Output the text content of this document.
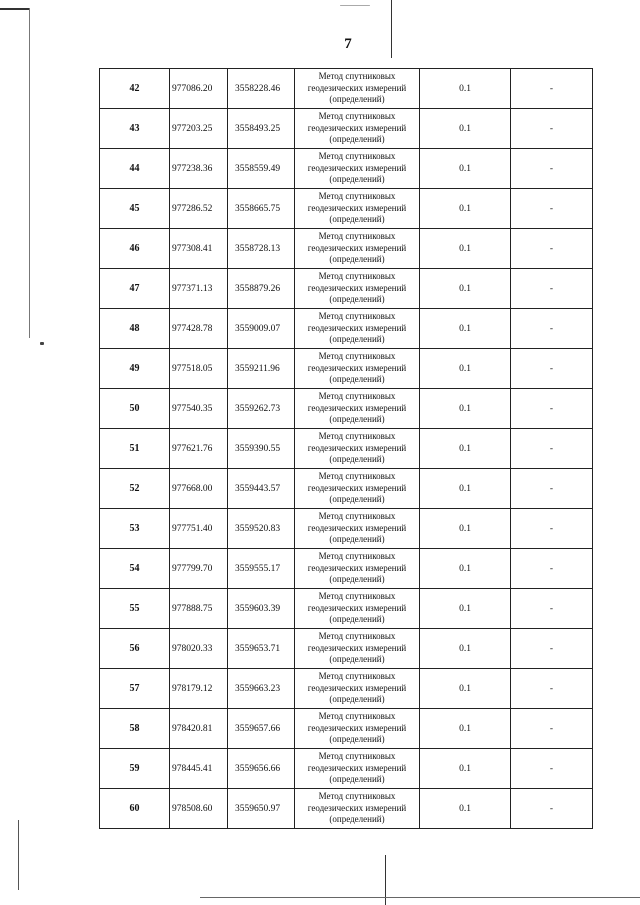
7
42	977086.20	3558228.46	Метод спутниковых
геодезических измерений
(определений)	0.1	-
43	977203.25	3558493.25	Метод спутниковых
геодезических измерений
(определений)	0.1	-
44	977238.36	3558559.49	Метод спутниковых
геодезических измерений
(определений)	0.1	-
45	977286.52	3558665.75	Метод спутниковых
геодезических измерений
(определений)	0.1	-
46	977308.41	3558728.13	Метод спутниковых
геодезических измерений
(определений)	0.1	-
47	977371.13	3558879.26	Метод спутниковых
геодезических измерений
(определений)	0.1	-
48	977428.78	3559009.07	Метод спутниковых
геодезических измерений
(определений)	0.1	-
49	977518.05	3559211.96	Метод спутниковых
геодезических измерений
(определений)	0.1	-
50	977540.35	3559262.73	Метод спутниковых
геодезических измерений
(определений)	0.1	-
51	977621.76	3559390.55	Метод спутниковых
геодезических измерений
(определений)	0.1	-
52	977668.00	3559443.57	Метод спутниковых
геодезических измерений
(определений)	0.1	-
53	977751.40	3559520.83	Метод спутниковых
геодезических измерений
(определений)	0.1	-
54	977799.70	3559555.17	Метод спутниковых
геодезических измерений
(определений)	0.1	-
55	977888.75	3559603.39	Метод спутниковых
геодезических измерений
(определений)	0.1	-
56	978020.33	3559653.71	Метод спутниковых
геодезических измерений
(определений)	0.1	-
57	978179.12	3559663.23	Метод спутниковых
геодезических измерений
(определений)	0.1	-
58	978420.81	3559657.66	Метод спутниковых
геодезических измерений
(определений)	0.1	-
59	978445.41	3559656.66	Метод спутниковых
геодезических измерений
(определений)	0.1	-
60	978508.60	3559650.97	Метод спутниковых
геодезических измерений
(определений)	0.1	-
